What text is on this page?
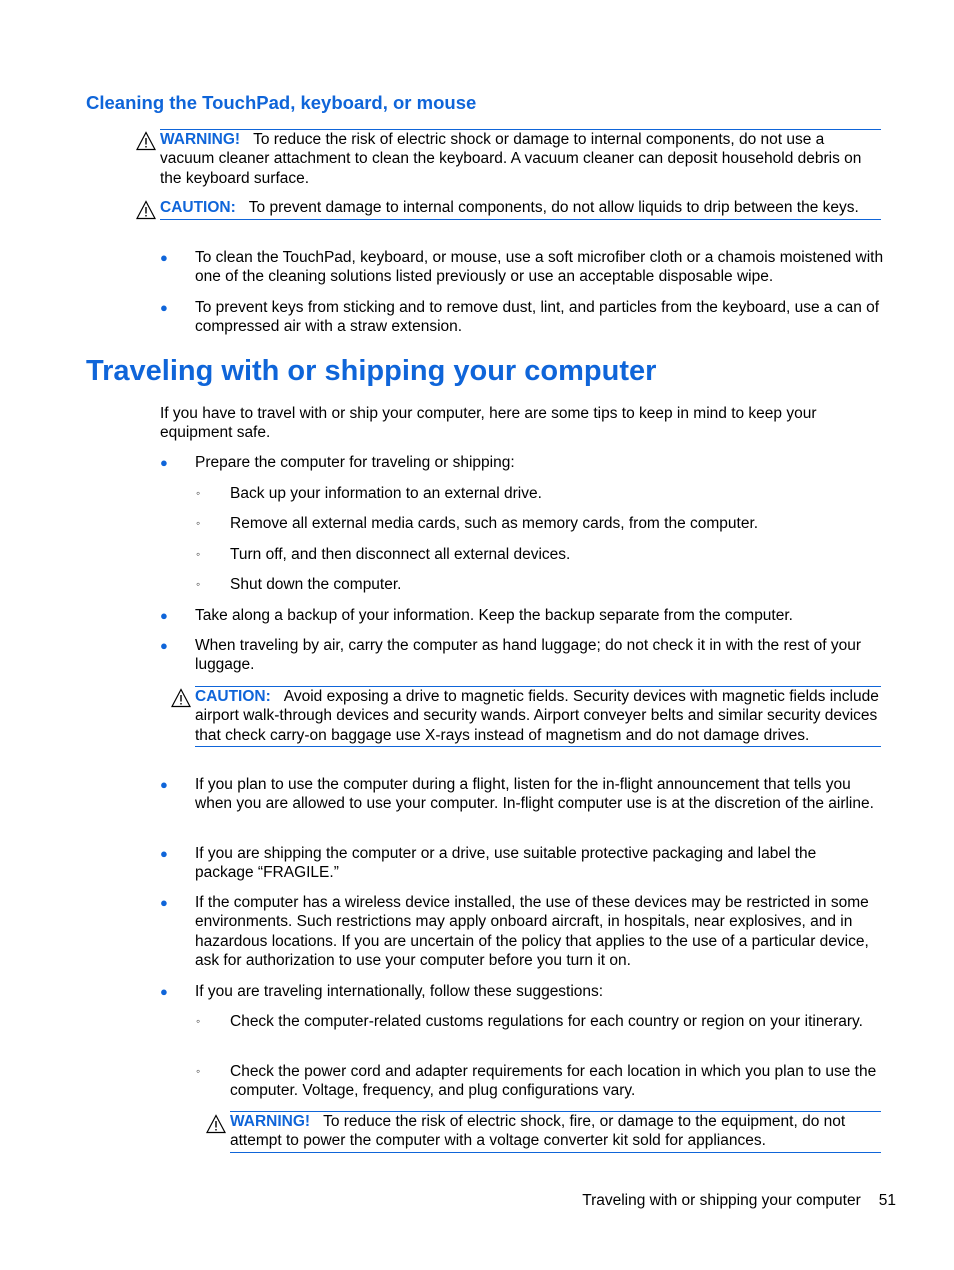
Cleaning the TouchPad, keyboard, or mouse
WARNING! To reduce the risk of electric shock or damage to internal components, do not use a vacuum cleaner attachment to clean the keyboard. A vacuum cleaner can deposit household debris on the keyboard surface.
CAUTION: To prevent damage to internal components, do not allow liquids to drip between the keys.
● To clean the TouchPad, keyboard, or mouse, use a soft microfiber cloth or a chamois moistened with one of the cleaning solutions listed previously or use an acceptable disposable wipe.
● To prevent keys from sticking and to remove dust, lint, and particles from the keyboard, use a can of compressed air with a straw extension.
Traveling with or shipping your computer
If you have to travel with or ship your computer, here are some tips to keep in mind to keep your equipment safe.
● Prepare the computer for traveling or shipping:
◦ Back up your information to an external drive.
◦ Remove all external media cards, such as memory cards, from the computer.
◦ Turn off, and then disconnect all external devices.
◦ Shut down the computer.
● Take along a backup of your information. Keep the backup separate from the computer.
● When traveling by air, carry the computer as hand luggage; do not check it in with the rest of your luggage.
CAUTION: Avoid exposing a drive to magnetic fields. Security devices with magnetic fields include airport walk-through devices and security wands. Airport conveyer belts and similar security devices that check carry-on baggage use X-rays instead of magnetism and do not damage drives.
● If you plan to use the computer during a flight, listen for the in-flight announcement that tells you when you are allowed to use your computer. In-flight computer use is at the discretion of the airline.
● If you are shipping the computer or a drive, use suitable protective packaging and label the package “FRAGILE.”
● If the computer has a wireless device installed, the use of these devices may be restricted in some environments. Such restrictions may apply onboard aircraft, in hospitals, near explosives, and in hazardous locations. If you are uncertain of the policy that applies to the use of a particular device, ask for authorization to use your computer before you turn it on.
● If you are traveling internationally, follow these suggestions:
◦ Check the computer-related customs regulations for each country or region on your itinerary.
◦ Check the power cord and adapter requirements for each location in which you plan to use the computer. Voltage, frequency, and plug configurations vary.
WARNING! To reduce the risk of electric shock, fire, or damage to the equipment, do not attempt to power the computer with a voltage converter kit sold for appliances.
Traveling with or shipping your computer 51
